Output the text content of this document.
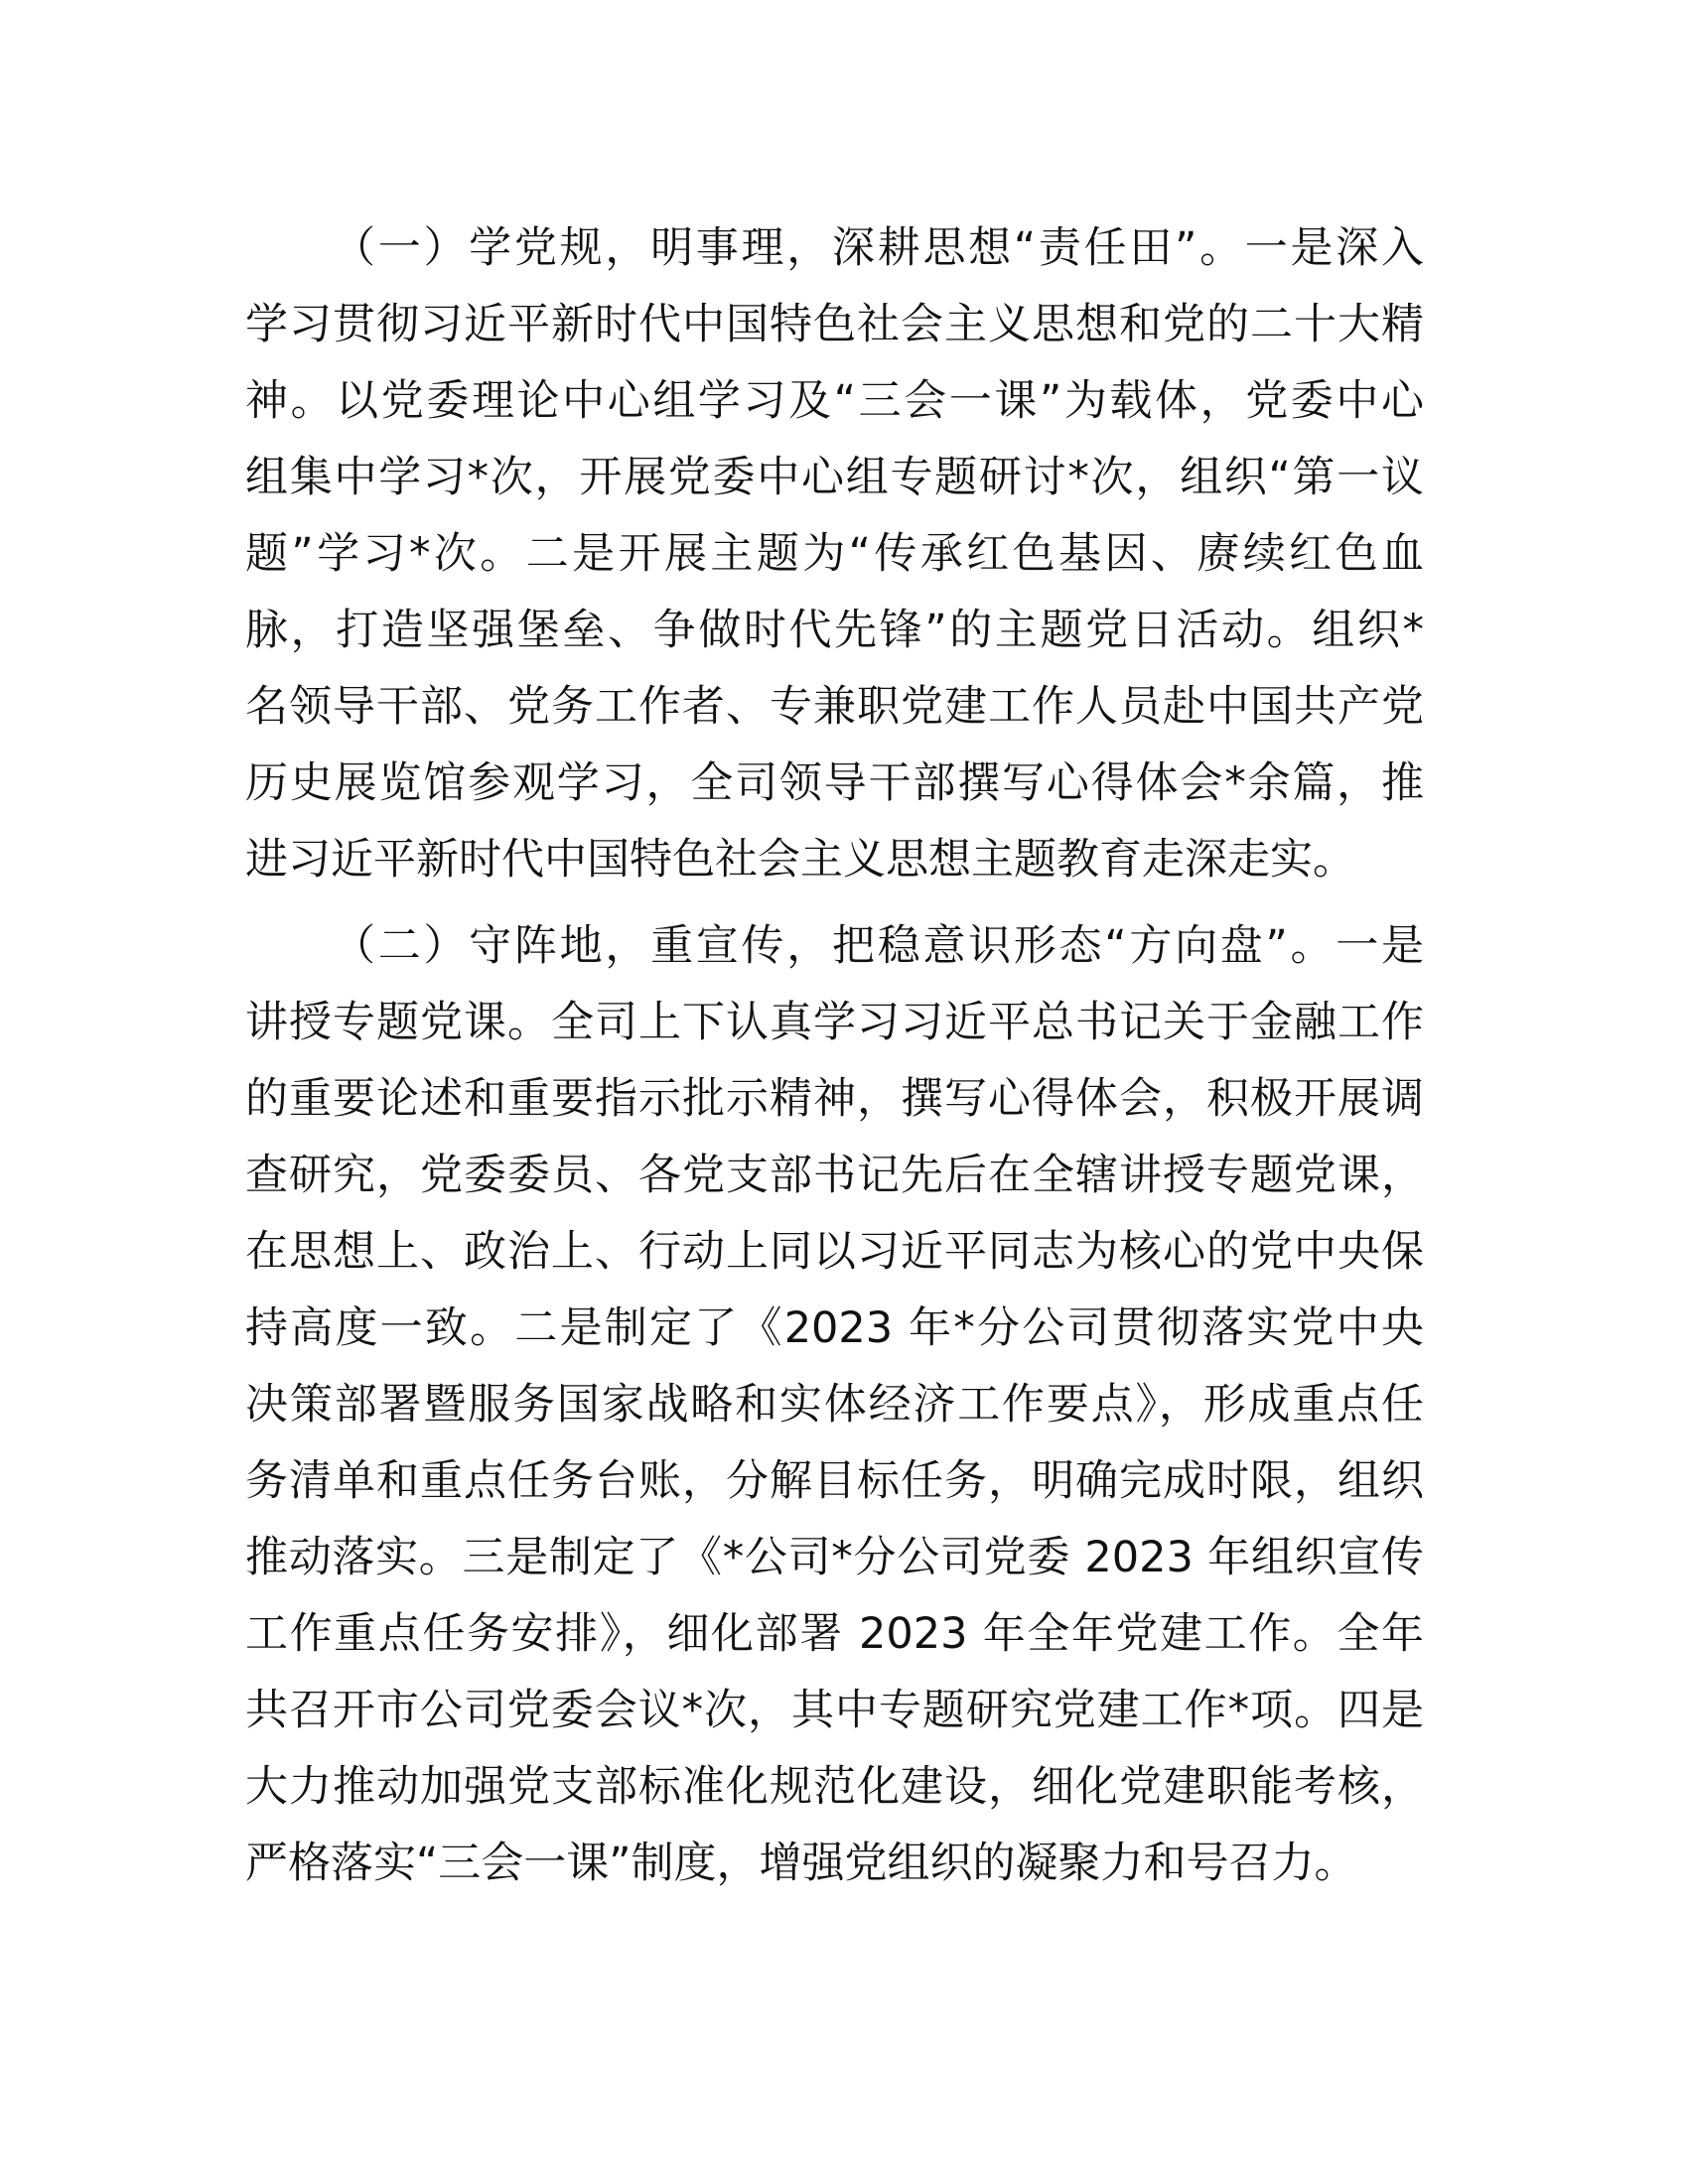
（一）学党规，明事理，深耕思想“责任田”。一是深入
学习贯彻习近平新时代中国特色社会主义思想和党的二十大精
神。以党委理论中心组学习及“三会一课”为载体，党委中心
组集中学习*次，开展党委中心组专题研讨*次，组织“第一议
题”学习*次。二是开展主题为“传承红色基因、赓续红色血
脉，打造坚强堡垒、争做时代先锋”的主题党日活动。组织*
名领导干部、党务工作者、专兼职党建工作人员赴中国共产党
历史展览馆参观学习，全司领导干部撰写心得体会*余篇，推
进习近平新时代中国特色社会主义思想主题教育走深走实。
（二）守阵地，重宣传，把稳意识形态“方向盘”。一是
讲授专题党课。全司上下认真学习习近平总书记关于金融工作
的重要论述和重要指示批示精神，撰写心得体会，积极开展调
查研究，党委委员、各党支部书记先后在全辖讲授专题党课，
在思想上、政治上、行动上同以习近平同志为核心的党中央保
持高度一致。二是制定了《2023 年*分公司贯彻落实党中央
决策部署暨服务国家战略和实体经济工作要点》，形成重点任
务清单和重点任务台账，分解目标任务，明确完成时限，组织
推动落实。三是制定了《*公司*分公司党委 2023 年组织宣传
工作重点任务安排》，细化部署 2023 年全年党建工作。全年
共召开市公司党委会议*次，其中专题研究党建工作*项。四是
大力推动加强党支部标准化规范化建设，细化党建职能考核，
严格落实“三会一课”制度，增强党组织的凝聚力和号召力。
